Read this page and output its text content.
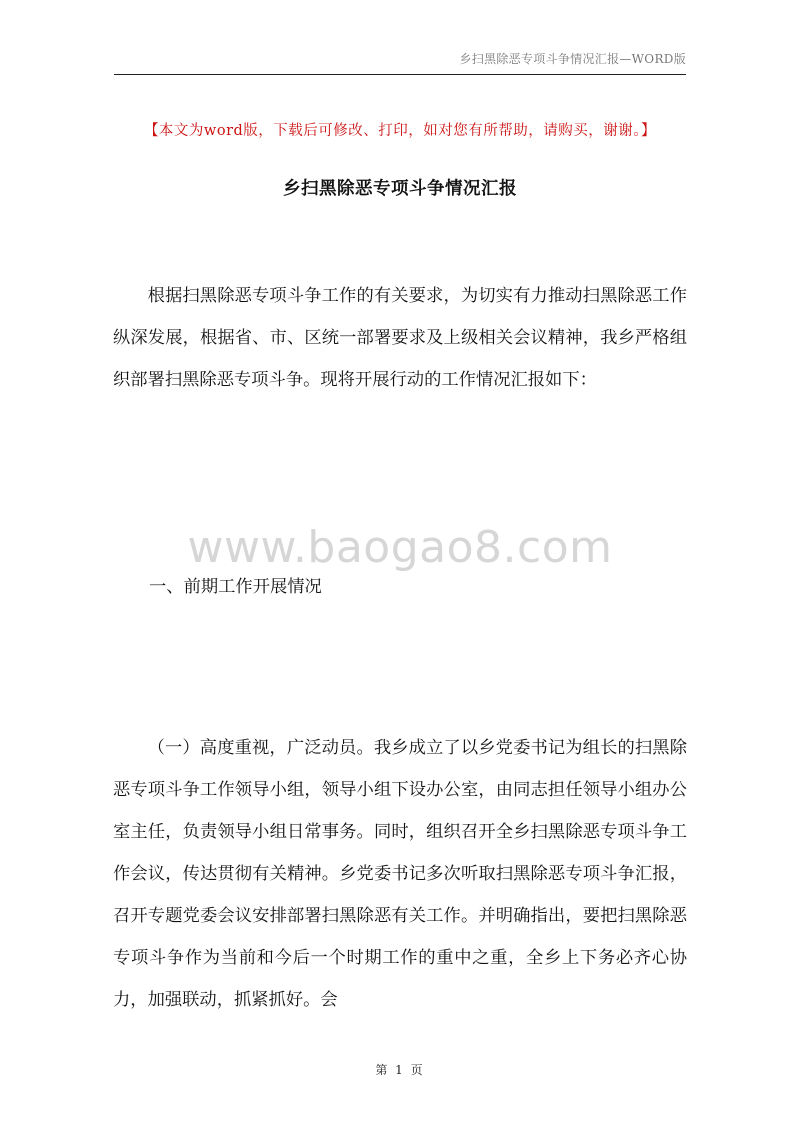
乡扫黑除恶专项斗争情况汇报—WORD版
【本文为word版，下载后可修改、打印，如对您有所帮助，请购买，谢谢。】
乡扫黑除恶专项斗争情况汇报

根据扫黑除恶专项斗争工作的有关要求，为切实有力推动扫黑除恶工作纵深发展，根据省、市、区统一部署要求及上级相关会议精神，我乡严格组织部署扫黑除恶专项斗争。现将开展行动的工作情况汇报如下：

www.baogao8.com
一、前期工作开展情况

（一）高度重视，广泛动员。我乡成立了以乡党委书记为组长的扫黑除恶专项斗争工作领导小组，领导小组下设办公室，由同志担任领导小组办公室主任，负责领导小组日常事务。同时，组织召开全乡扫黑除恶专项斗争工作会议，传达贯彻有关精神。乡党委书记多次听取扫黑除恶专项斗争汇报，召开专题党委会议安排部署扫黑除恶有关工作。并明确指出，要把扫黑除恶专项斗争作为当前和今后一个时期工作的重中之重，全乡上下务必齐心协力，加强联动，抓紧抓好。会

第 1 页
